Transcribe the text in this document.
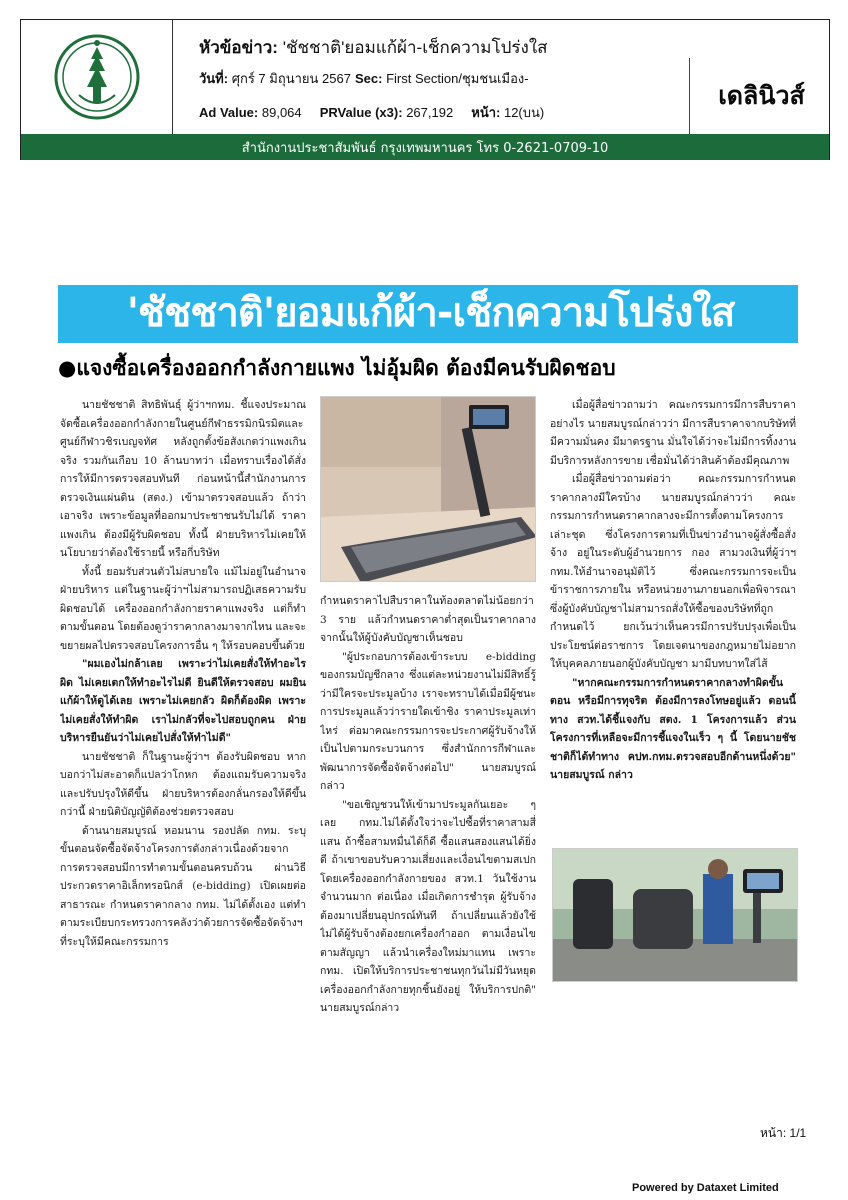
หัวข้อข่าว: 'ชัชชาติ'ยอมแก้ผ้า-เช็กความโปร่งใส
วันที่: ศุกร์ 7 มิถุนายน 2567
Ad Value: 89,064 PRValue (x3): 267,192 หน้า: 12(บน)
Sec: First Section/ชุมชนเมือง-
เดลินิวส์
สำนักงานประชาสัมพันธ์ กรุงเทพมหานคร โทร 0-2621-0709-10
'ชัชชาติ'ยอมแก้ผ้า-เช็กความโปร่งใส
●แจงซื้อเครื่องออกกำลังกายแพง ไม่อุ้มผิด ต้องมีคนรับผิดชอบ

นายชัชชาติ สิทธิพันธุ์ ผู้ว่าฯกทม. ชี้แจงประมาณจัดซื้อเครื่องออกกำลังกายในศูนย์กีฬาธรรมิกนิรมิตและศูนย์กีฬาวชิรเบญจทัศ หลังถูกตั้งข้อสังเกตว่าแพงเกินจริง รวมกันเกือบ 10 ล้านบาทว่า เมื่อทราบเรื่องได้สั่งการให้มีการตรวจสอบทันที ก่อนหน้านี้สำนักงานการตรวจเงินแผ่นดิน (สตง.) เข้ามาตรวจสอบแล้ว ถ้าว่าเอาจริง เพราะข้อมูลที่ออกมาประชาชนรับไม่ได้ ราคาแพงเกิน ต้องมีผู้รับผิดชอบ ทั้งนี้ ฝ่ายบริหารไม่เคยให้นโยบายว่าต้องใช้รายนี้ หรือกี่บริษัท

ทั้งนี้ ยอมรับส่วนตัวไม่สบายใจ แม้ไม่อยู่ในอำนาจฝ่ายบริหาร แต่ในฐานะผู้ว่าฯไม่สามารถปฏิเสธความรับผิดชอบได้ เครื่องออกกำลังกายราคาแพงจริง แต่ก็ทำตามขั้นตอน โดยต้องดูว่าราคากลางมาจากไหน และจะขยายผลไปตรวจสอบโครงการอื่น ๆ ให้รอบคอบขึ้นด้วย

"ผมเองไม่กล้าเลย เพราะว่าไม่เคยสั่งให้ทำอะไรผิด ไม่เคยเตกให้ทำอะไรไม่ดี ยินดีให้ตรวจสอบ ผมยินแก้ผ้าให้ดูได้เลย เพราะไม่เคยกลัว ผิดก็ต้องผิด เพราะไม่เคยสั่งให้ทำผิด เราไม่กลัวที่จะไปสอบถูกคน ฝ่ายบริหารยืนยันว่าไม่เคยไปสั่งให้ทำไม่ดี"

นายชัชชาติ ก็ในฐานะผู้ว่าฯ ต้องรับผิดชอบ หากบอกว่าไม่สะอาดก็แปลว่าโกหก ต้องแถมรับความจริงและปรับปรุงให้ดีขึ้น ฝ่ายบริหารต้องกลั่นกรองให้ดีขึ้นกว่านี้ ฝ่ายนิติบัญญัติต้องช่วยตรวจสอบ

ด้านนายสมบูรณ์ หอมนาน รองปลัด กทม. ระบุ ขั้นตอนจัดซื้อจัดจ้างโครงการดังกล่าวเนื่องด้วยจากการตรวจสอบมีการทำตามขั้นตอนครบถ้วน ผ่านวิธีประกวดราคาอิเล็กทรอนิกส์ (e-bidding) เปิดเผยต่อสาธารณะ กำหนดราคากลาง กทม. ไม่ได้ตั้งเอง แต่ทำตามระเบียบกระทรวงการคลังว่าด้วยการจัดซื้อจัดจ้างฯที่ระบุให้มีคณะกรรมการ

กำหนดราคาไปสืบราคาในท้องตลาดไม่น้อยกว่า 3 ราย แล้วกำหนดราคาต่ำสุดเป็นราคากลาง จากนั้นให้ผู้บังคับบัญชาเห็นชอบ

"ผู้ประกอบการต้องเข้าระบบ e-bidding ของกรมบัญชีกลาง ซึ่งแต่ละหน่วยงานไม่มีสิทธิ์รู้ว่ามีใครจะประมูลบ้าง เราจะทราบได้เมื่อมีผู้ชนะการประมูลแล้วว่ารายใดเข้าชิง ราคาประมูลเท่าไหร่ ต่อมาคณะกรรมการจะประกาศผู้รับจ้างให้เป็นไปตามกระบวนการ ซึ่งสำนักการกีฬาและพัฒนาการจัดซื้อจัดจ้างต่อไป" นายสมบูรณ์กล่าว

"ขอเชิญชวนให้เข้ามาประมูลกันเยอะ ๆ เลย กทม.ไม่ได้ตั้งใจว่าจะไปซื้อที่ราคาสามสี่แสน ถ้าซื้อสามหมื่นได้ก็ดี ซื้อแสนสองแสนได้ยิ่งดี ถ้าเขาขอบรับความเสี่ยงและเงื่อนไขตามสเปก โดยเครื่องออกกำลังกายของ สวท.1 วันใช้งานจำนวนมาก ต่อเนื่อง เมื่อเกิดการชำรุด ผู้รับจ้างต้องมาเปลี่ยนอุปกรณ์ทันที ถ้าเปลี่ยนแล้วยังใช้ไม่ได้ผู้รับจ้างต้องยกเครื่องกำออก ตามเงื่อนไขตามสัญญา แล้วนำเครื่องใหม่มาแทน เพราะ กทม. เปิดให้บริการประชาชนทุกวันไม่มีวันหยุด เครื่องออกกำลังกายทุกชิ้นยังอยู่ ให้บริการปกติ" นายสมบูรณ์กล่าว

เมื่อผู้สื่อข่าวถามว่า คณะกรรมการมีการสืบราคาอย่างไร นายสมบูรณ์กล่าวว่า มีการสืบราคาจากบริษัทที่มีความมั่นคง มีมาตรฐาน มั่นใจได้ว่าจะไม่มีการทิ้งงาน มีบริการหลังการขาย เชื่อมั่นได้ว่าสินค้าต้องมีคุณภาพ

เมื่อผู้สื่อข่าวถามต่อว่า คณะกรรมการกำหนดราคากลางมีใครบ้าง นายสมบูรณ์กล่าวว่า คณะกรรมการกำหนดราคากลางจะมีการตั้งตามโครงการเล่าะชุด ซึ่งโครงการตามที่เป็นข่าวอำนาจผู้สั่งซื้อสั่งจ้าง อยู่ในระดับผู้อำนวยการ กอง สามวงเงินที่ผู้ว่าฯ กทม.ให้อำนาจอนุมัติไว้ ซึ่งคณะกรรมการจะเป็นข้าราชการภายใน หรือหน่วยงานภายนอกเพื่อพิจารณา ซึ่งผู้บังคับบัญชาไม่สามารถสั่งให้ซื้อของบริษัทที่ถูกกำหนดไว้ ยกเว้นว่าเห็นควรมีการปรับปรุงเพื่อเป็นประโยชน์ต่อราชการ โดยเจตนาของกฎหมายไม่อยากให้บุคคลภายนอกผู้บังคับบัญชา มามีบทบาทใส่ไส้

"หากคณะกรรมการกำหนดราคากลางทำผิดขั้นตอน หรือมีการทุจริต ต้องมีการลงโทษอยู่แล้ว ตอนนี้ทาง สวท.ได้ชี้แจงกับ สตง. 1 โครงการแล้ว ส่วนโครงการที่เหลือจะมีการชี้แจงในเร็ว ๆ นี้ โดยนายชัชชาติก็ได้ทำทาง คปท.กทม.ตรวจสอบอีกด้านหนึ่งด้วย" นายสมบูรณ์ กล่าว

หน้า: 1/1
Powered by Dataxet Limited
